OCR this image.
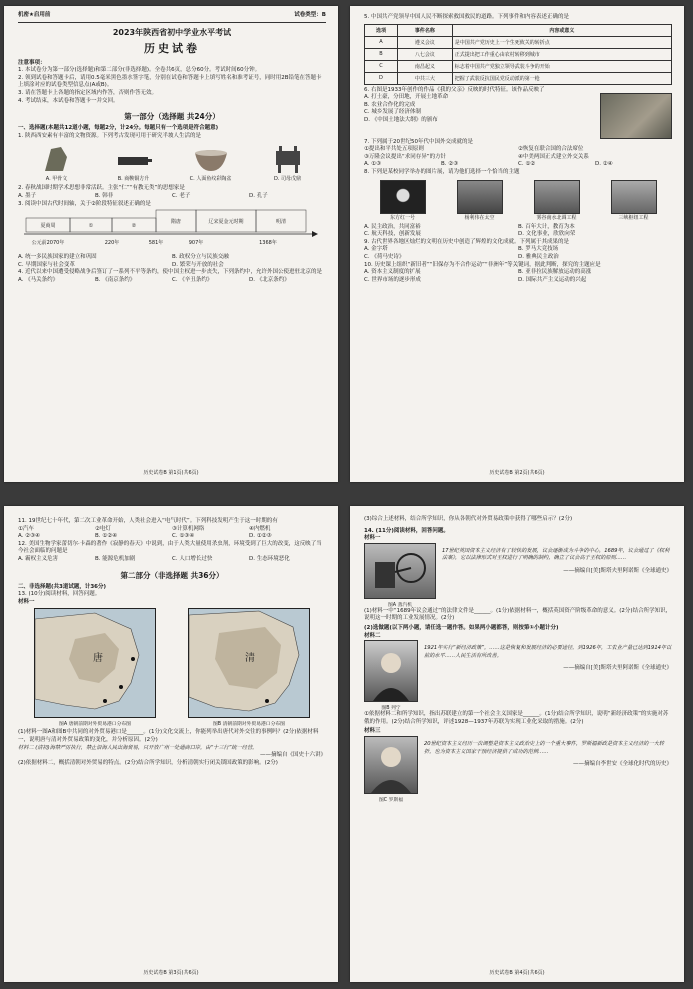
机密★启用前	试卷类型：B

2023年陕西省初中学业水平考试

历史试卷

注意事项：

1. 本试卷分为第一部分(选择题)和第二部分(非选择题)。全卷共6页，总分60分。考试时间60分钟。

2. 领到试卷和答题卡后，请用0.5毫米黑色墨水签字笔，分别在试卷和答题卡上填写姓名和准考证号，同时用2B铅笔在答题卡上填涂对应的试卷类型信息点(A或B)。

3. 请在答题卡上各题的指定区域内作答，否则作答无效。

4. 考试结束，本试卷和答题卡一并交回。

第一部分（选择题 共24分）

一、选择题(本题共12道小题，每题2分，计24分。每题只有一个选项是符合题意)

1. 陕西西安素有丰富的文物资源。下列考古发现可用于研究半坡人生活的是

A. 甲骨文	B. 商鞅铜方升	C. 人面鱼纹彩陶盆	D. 司母戊鼎

2. 春秋战国时期学术思想非常活跃。主张“仁”“有教无类”的思想家是

A. 墨子	B. 韩非	C. 老子	D. 孔子

3. 阅读中国古代时间轴，关于②阶段特征叙述正确的是

夏商周	①	②
隋唐	辽宋夏金元时期	明清
公元前2070年	220年	581年	907年	1368年
A. 统一多民族国家的建立和巩固	B. 政权分立与民族交融
C. 早期国家与社会变革	D. 繁荣与开放的社会

4. 近代以来中国遭受侵略战争后签订了一系列不平等条约，使中国主权进一步丧失，下列条约中，允许外国公使进驻北京的是

A. 《马关条约》	B. 《南京条约》	C. 《辛丑条约》	D. 《北京条约》
历史试卷B 第1页(共6页)

5. 中国共产党领导中国人民不断探索救国救民的道路。下列事件和内容表述正确的是

选项	事件名称	内容或意义
A	遵义会议	是中国共产党历史上一个生死攸关的转折点
B	八七会议	正式提出把工作重心由农村转移到城市
C	南昌起义	标志着中国共产党独立领导武装斗争的开始
D	中共三大	把握了武装反抗国民党反动派的第一枪

6. 右图是1933年创作的作品《我的父亲》反映的时代特征。该作品反映了

A. 打土豪，分田地，开展土地革命

B. 农业合作化的完成

C. 城乡发展了经济体制

D. 《中国土地法大纲》的颁布

7. 下列属于20世纪50年代中国外交成就的是

①提出和平共处五项原则	②恢复在联合国的合法席位
③万隆会议提出“求同存异”的方针	④中美两国正式建立外交关系
A. ①③	B. ②③	C. ①②	D. ②④

8. 下列是某校同学举办的图片展，请为他们选择一个恰当的主题

东方红一号	杨利伟在太空	雾谷南水北调工程	三峡枢纽工程
A. 民主政治，共同富裕	B. 百年大计，教育为本
C. 航天科技，创新发展	D. 文化事业，欣欣向荣

9. 古代世界各地区灿烂的文明在历史中创造了辉煌的文化成就。下列属于其成果的是

A. 金字塔	B. 罗马大竞技场
C. 《荷马史诗》	D. 雅典民主政治

10. 历史课上组织“新旧者”“旧保存为不合作运动”“非洲年”等关键词，据此判断，探究的主题应是

A. 资本主义制度的扩展	B. 亚非拉民族解放运动的高涨
C. 世界市场的逐步形成	D. 国际共产主义运动的兴起
历史试卷B 第2页(共6页)

11. 19世纪七十年代，第二次工业革命开始，人类社会进入“电气时代”。下列科技发明产生于这一时期的有

①汽车	②电灯	③计算机网络	④内燃机
A. ②③④	B. ①②④	C. ①③④	D. ①②③

12. 美国生物学家蕾切尔·卡森的著作《寂静的春天》中说到，由于人类大量使用杀虫剂，环境受到了巨大的改变，这反映了当今社会面临的问题是

A. 霸权主义危害	B. 能源危机加剧	C. 人口增长过快	D. 生态环境恶化

第二部分（非选择题 共36分）

二、非选择题(共3道试题，计36分)

13. (10分)阅读材料，回答问题。

材料一

唐
图A 唐朝前期对外贸易港口分布图
清
图B 清朝前期对外贸易港口分布图

(1)材料一图A和图B中共同的对外贸易港口是______。(1分)文化交流上，你能列举出唐代对外交往的事例吗？(2分)依据材料一，说明唐与清对外贸易政策的变化，并分析原因。(2分)

材料二 (清初)海禁严厉执行，禁止沿海人民出海贸易，只开放广州一处通商口岸，由“十三行”统一经营。

——摘编自《国史十六讲》

(2)依据材料二，概括清朝对外贸易的特点。(2分)结合所学知识，分析清朝实行闭关锁国政策的影响。(2分)

历史试卷B 第3页(共6页)

(3)综合上述材料，结合所学知识，你从各朝代对外贸易政策中获得了哪些启示？(2分)

14. (11分)阅读材料，回答问题。

材料一

图A 蒸汽机

17世纪英国资本主义经济有了较快的发展，议会逐渐成为斗争的中心，1689年，议会通过了《权利法案》，它以法律形式对王权进行了明确的制约，确立了议会高于王权的原则……

——摘编自[美]斯塔夫里阿诺斯《全球通史》

(1)材料一中“1689年议会通过”的法律文件是______。(1分)依据材料一，概括英国资产阶级革命的意义。(2分)结合所学知识，说明这一时期的工业发展情况。(2分)

(2)选做题(以下两小题，请任选一题作答。如果两小题都答，则按第①小题计分)

材料二

图B 列宁

1921年实行“新经济政策”，……这是恢复和发展经济的必要途径。到1926年，工农业产量已达到1914年以前的水平……人民生活有所改善。

——摘编自[美]斯塔夫里阿诺斯《全球通史》

①依据材料二和所学知识，指出苏联建立的第一个社会主义国家是______。(1分)结合所学知识，说明“新经济政策”的实施对苏俄的作用。(2分)结合所学知识，评述1928—1937年苏联为实现工业化采取的措施。(2分)

材料三

图C 罗斯福

20世纪资本主义经历一次调整是资本主义政治史上的一个重大事件，罗斯福新政是资本主义经济的一大转折，也为资本主义国家干预经济提供了成功的范例……

——摘编自李世安《全球化时代的历史》

历史试卷B 第4页(共6页)
